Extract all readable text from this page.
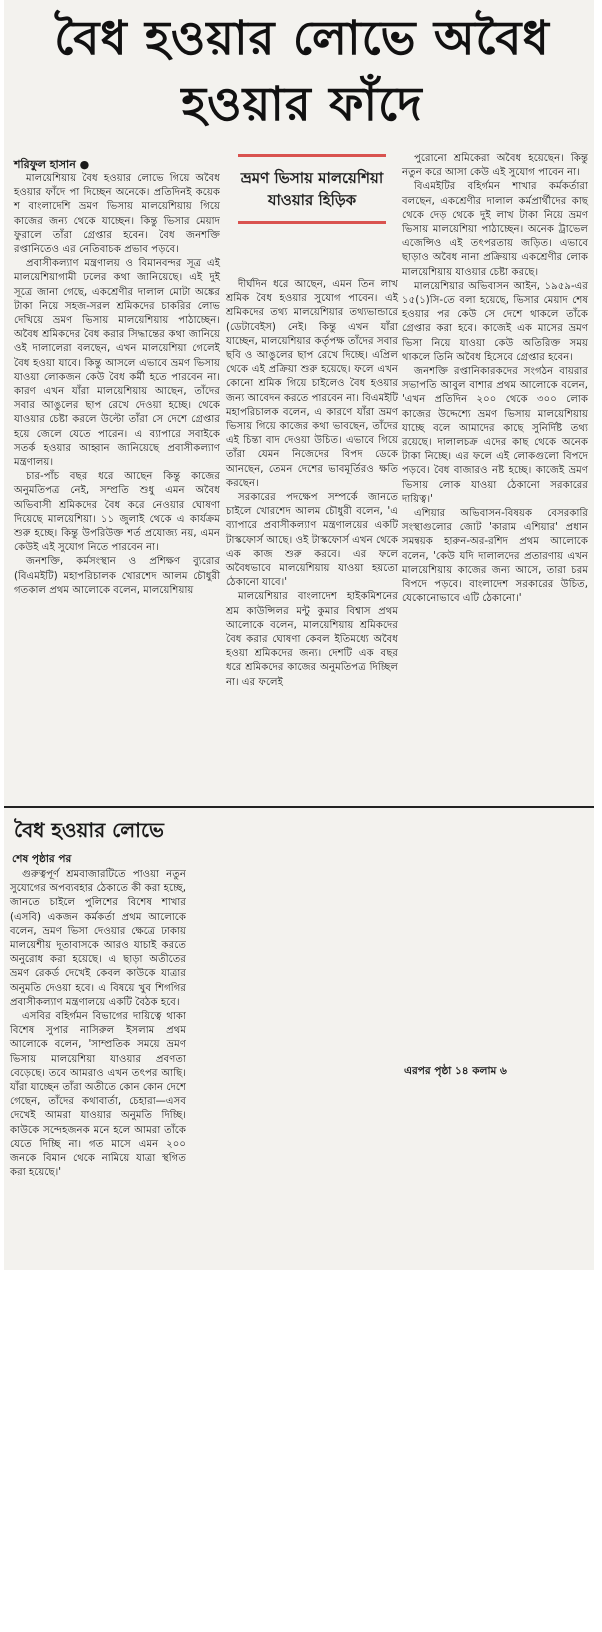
বৈধ হওয়ার লোভে অবৈধ
হওয়ার ফাঁদে
শরিফুল হাসান ●
ভ্রমণ ভিসায় মালয়েশিয়া যাওয়ার হিড়িক

মালয়েশিয়ায় বৈধ হওয়ার লোভে গিয়ে অবৈধ হওয়ার ফাঁদে পা দিচ্ছেন অনেকে। প্রতিদিনই কয়েক শ বাংলাদেশি ভ্রমণ ভিসায় মালয়েশিয়ায় গিয়ে কাজের জন্য থেকে যাচ্ছেন। কিন্তু ভিসার মেয়াদ ফুরালে তাঁরা গ্রেপ্তার হবেন। বৈধ জনশক্তি রপ্তানিতেও এর নেতিবাচক প্রভাব পড়বে।

প্রবাসীকল্যাণ মন্ত্রণালয় ও বিমানবন্দর সূত্র এই মালয়েশিয়াগামী ঢলের কথা জানিয়েছে। এই দুই সূত্রে জানা গেছে, একশ্রেণীর দালাল মোটা অঙ্কের টাকা নিয়ে সহজ-সরল শ্রমিকদের চাকরির লোভ দেখিয়ে ভ্রমণ ভিসায় মালয়েশিয়ায় পাঠাচ্ছেন। অবৈধ শ্রমিকদের বৈধ করার সিদ্ধান্তের কথা জানিয়ে ওই দালালেরা বলছেন, এখন মালয়েশিয়া গেলেই বৈধ হওয়া যাবে। কিন্তু আসলে এভাবে ভ্রমণ ভিসায় যাওয়া লোকজন কেউ বৈধ কর্মী হতে পারবেন না। কারণ এখন যাঁরা মালয়েশিয়ায় আছেন, তাঁদের সবার আঙুলের ছাপ রেখে দেওয়া হচ্ছে। থেকে যাওয়ার চেষ্টা করলে উল্টো তাঁরা সে দেশে গ্রেপ্তার হয়ে জেলে যেতে পারেন। এ ব্যাপারে সবাইকে সতর্ক হওয়ার আহ্বান জানিয়েছে প্রবাসীকল্যাণ মন্ত্রণালয়।

চার-পাঁচ বছর ধরে আছেন কিন্তু কাজের অনুমতিপত্র নেই, সম্প্রতি শুধু এমন অবৈধ অভিবাসী শ্রমিকদের বৈধ করে নেওয়ার ঘোষণা দিয়েছে মালয়েশিয়া। ১১ জুলাই থেকে এ কার্যক্রম শুরু হচ্ছে। কিন্তু উপরিউক্ত শর্ত প্রযোজ্য নয়, এমন কেউই এই সুযোগ নিতে পারবেন না।

জনশক্তি, কর্মসংস্থান ও প্রশিক্ষণ ব্যুরোর (বিএমইটি) মহাপরিচালক খোরশেদ আলম চৌধুরী গতকাল প্রথম আলোকে বলেন, মালয়েশিয়ায়

দীর্ঘদিন ধরে আছেন, এমন তিন লাখ শ্রমিক বৈধ হওয়ার সুযোগ পাবেন। এই শ্রমিকদের তথ্য মালয়েশিয়ার তথ্যভান্ডারে (ডেটাবেইস) নেই। কিন্তু এখন যাঁরা যাচ্ছেন, মালয়েশিয়ার কর্তৃপক্ষ তাঁদের সবার ছবি ও আঙুলের ছাপ রেখে দিচ্ছে। এপ্রিল থেকে এই প্রক্রিয়া শুরু হয়েছে। ফলে এখন কোনো শ্রমিক গিয়ে চাইলেও বৈধ হওয়ার জন্য আবেদন করতে পারবেন না। বিএমইটি মহাপরিচালক বলেন, এ কারণে যাঁরা ভ্রমণ ভিসায় গিয়ে কাজের কথা ভাবছেন, তাঁদের এই চিন্তা বাদ দেওয়া উচিত। এভাবে গিয়ে তাঁরা যেমন নিজেদের বিপদ ডেকে আনছেন, তেমন দেশের ভাবমূর্তিরও ক্ষতি করছেন।

সরকারের পদক্ষেপ সম্পর্কে জানতে চাইলে খোরশেদ আলম চৌধুরী বলেন, 'এ ব্যাপারে প্রবাসীকল্যাণ মন্ত্রণালয়ের একটি টাস্কফোর্স আছে। ওই টাস্কফোর্স এখন থেকে এক কাজ শুরু করবে। এর ফলে অবৈধভাবে মালয়েশিয়ায় যাওয়া হয়তো ঠেকানো যাবে।'

মালয়েশিয়ার বাংলাদেশ হাইকমিশনের শ্রম কাউন্সিলর মন্টু কুমার বিশ্বাস প্রথম আলোকে বলেন, মালয়েশিয়ায় শ্রমিকদের বৈধ করার ঘোষণা কেবল ইতিমধ্যে অবৈধ হওয়া শ্রমিকদের জন্য। দেশটি এক বছর ধরে শ্রমিকদের কাজের অনুমতিপত্র দিচ্ছিল না। এর ফলেই

পুরোনো শ্রমিকেরা অবৈধ হয়েছেন। কিন্তু নতুন করে আসা কেউ এই সুযোগ পাবেন না।

বিএমইটির বহির্গমন শাখার কর্মকর্তারা বলছেন, একশ্রেণীর দালাল কর্মপ্রার্থীদের কাছ থেকে দেড় থেকে দুই লাখ টাকা নিয়ে ভ্রমণ ভিসায় মালয়েশিয়া পাঠাচ্ছেন। অনেক ট্রাভেল এজেন্সিও এই তৎপরতায় জড়িত। এভাবে ছাড়াও অবৈধ নানা প্রক্রিয়ায় একশ্রেণীর লোক মালয়েশিয়ায় যাওয়ার চেষ্টা করছে।

মালয়েশিয়ার অভিবাসন আইন, ১৯৫৯-এর ১৫(১)সি-তে বলা হয়েছে, ভিসার মেয়াদ শেষ হওয়ার পর কেউ সে দেশে থাকলে তাঁকে গ্রেপ্তার করা হবে। কাজেই এক মাসের ভ্রমণ ভিসা নিয়ে যাওয়া কেউ অতিরিক্ত সময় থাকলে তিনি অবৈধ হিসেবে গ্রেপ্তার হবেন।

জনশক্তি রপ্তানিকারকদের সংগঠন বায়রার সভাপতি আবুল বাশার প্রথম আলোকে বলেন, 'এখন প্রতিদিন ২০০ থেকে ৩০০ লোক কাজের উদ্দেশ্যে ভ্রমণ ভিসায় মালয়েশিয়ায় যাচ্ছে বলে আমাদের কাছে সুনির্দিষ্ট তথ্য রয়েছে। দালালচক্র এদের কাছ থেকে অনেক টাকা নিচ্ছে। এর ফলে এই লোকগুলো বিপদে পড়বে। বৈধ বাজারও নষ্ট হচ্ছে। কাজেই ভ্রমণ ভিসায় লোক যাওয়া ঠেকানো সরকারের দায়িত্ব।'

এশিয়ার অভিবাসন-বিষয়ক বেসরকারি সংস্থাগুলোর জোট 'কারাম এশিয়ার' প্রধান সমন্বয়ক হারুন-অর-রশিদ প্রথম আলোকে বলেন, 'কেউ যদি দালালদের প্রতারণায় এখন মালয়েশিয়ায় কাজের জন্য আসে, তারা চরম বিপদে পড়বে। বাংলাদেশ সরকারের উচিত, যেকোনোভাবে এটি ঠেকানো।'

এরপর পৃষ্ঠা ১৪ কলাম ৬
বৈধ হওয়ার লোভে
শেষ পৃষ্ঠার পর

গুরুত্বপূর্ণ শ্রমবাজারটিতে পাওয়া নতুন সুযোগের অপব্যবহার ঠেকাতে কী করা হচ্ছে, জানতে চাইলে পুলিশের বিশেষ শাখার (এসবি) একজন কর্মকর্তা প্রথম আলোকে বলেন, ভ্রমণ ভিসা দেওয়ার ক্ষেত্রে ঢাকায় মালয়েশীয় দূতাবাসকে আরও যাচাই করতে অনুরোধ করা হয়েছে। এ ছাড়া অতীতের ভ্রমণ রেকর্ড দেখেই কেবল কাউকে যাত্রার অনুমতি দেওয়া হবে। এ বিষয়ে খুব শিগগির প্রবাসীকল্যাণ মন্ত্রণালয়ে একটি বৈঠক হবে।

এসবির বহির্গমন বিভাগের দায়িত্বে থাকা বিশেষ সুপার নাসিরুল ইসলাম প্রথম আলোকে বলেন, 'সাম্প্রতিক সময়ে ভ্রমণ ভিসায় মালয়েশিয়া যাওয়ার প্রবণতা বেড়েছে। তবে আমরাও এখন তৎপর আছি। যাঁরা যাচ্ছেন তাঁরা অতীতে কোন কোন দেশে গেছেন, তাঁদের কথাবার্তা, চেহারা—এসব দেখেই আমরা যাওয়ার অনুমতি দিচ্ছি। কাউকে সন্দেহজনক মনে হলে আমরা তাঁকে যেতে দিচ্ছি না। গত মাসে এমন ২০০ জনকে বিমান থেকে নামিয়ে যাত্রা স্থগিত করা হয়েছে।'
